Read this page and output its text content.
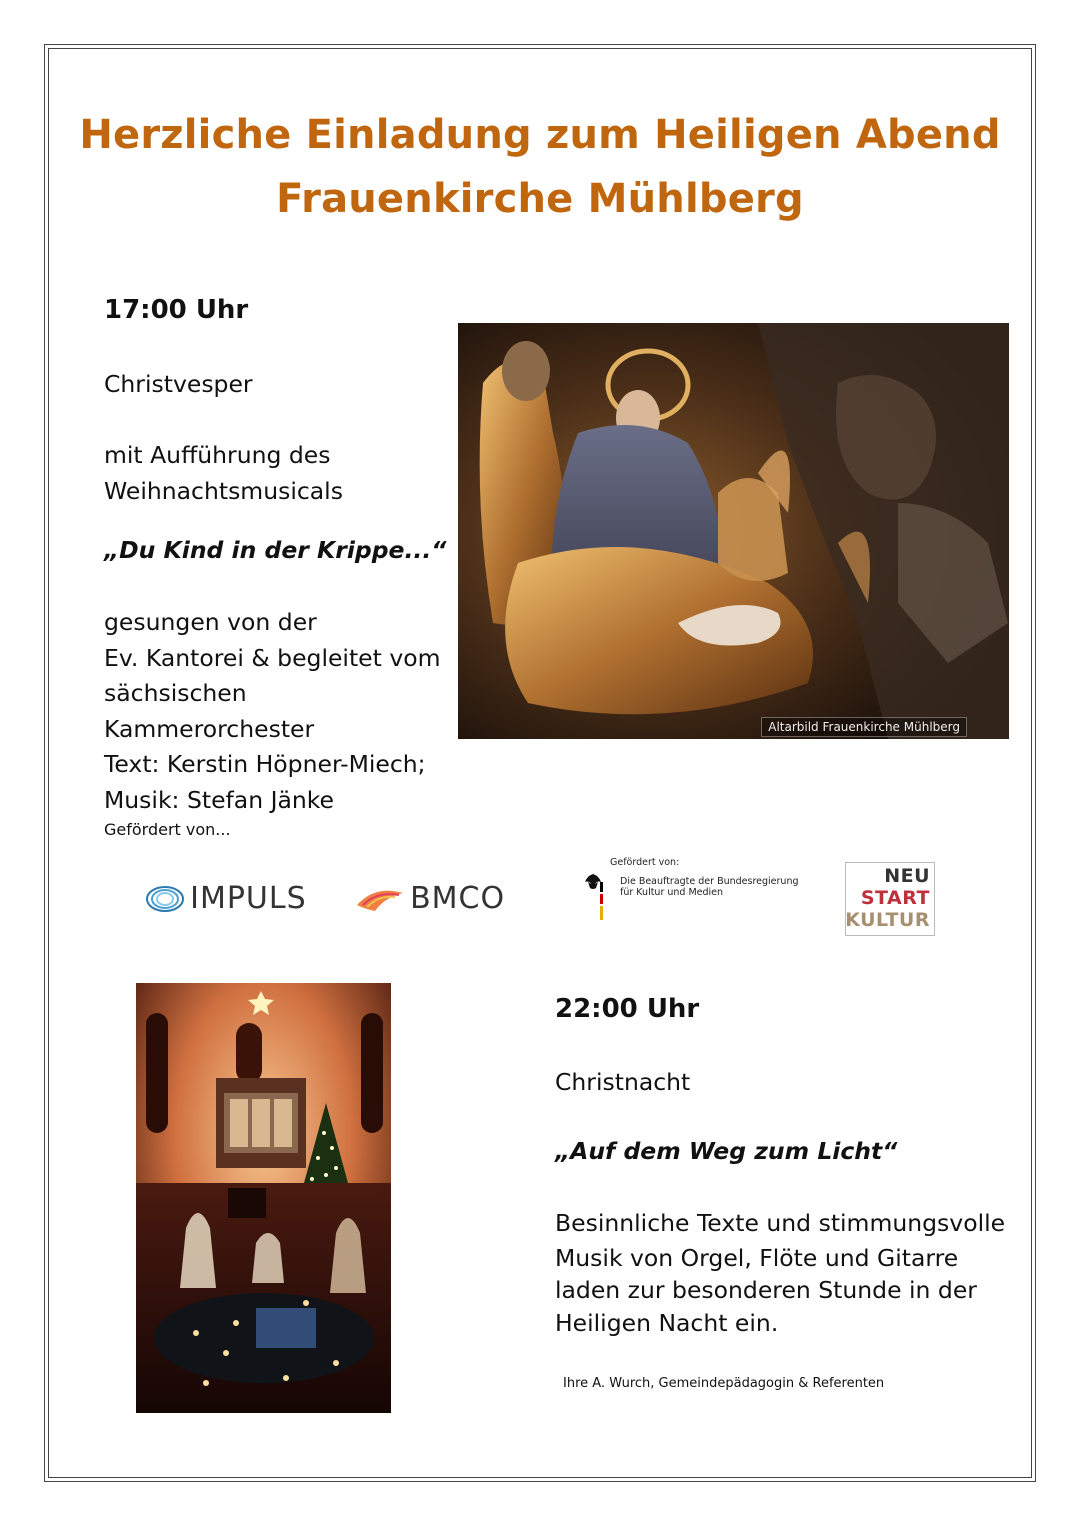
Herzliche Einladung zum Heiligen Abend
Frauenkirche Mühlberg
17:00 Uhr
Christvesper
mit Aufführung des
Weihnachtsmusicals
„Du Kind in der Krippe...“
gesungen von der
Ev. Kantorei & begleitet vom
sächsischen
Kammerorchester
Text: Kerstin Höpner-Miech;
Musik: Stefan Jänke
Gefördert von...
Altarbild Frauenkirche Mühlberg
IMPULS	BMCO
Gefördert von:
Die Beauftragte der Bundesregierung
für Kultur und Medien
NEU
START
KULTUR
22:00 Uhr
Christnacht
„Auf dem Weg zum Licht“
Besinnliche Texte und stimmungsvolle
Musik von Orgel, Flöte und Gitarre
laden zur besonderen Stunde in der
Heiligen Nacht ein.
Ihre A. Wurch, Gemeindepädagogin & Referenten
